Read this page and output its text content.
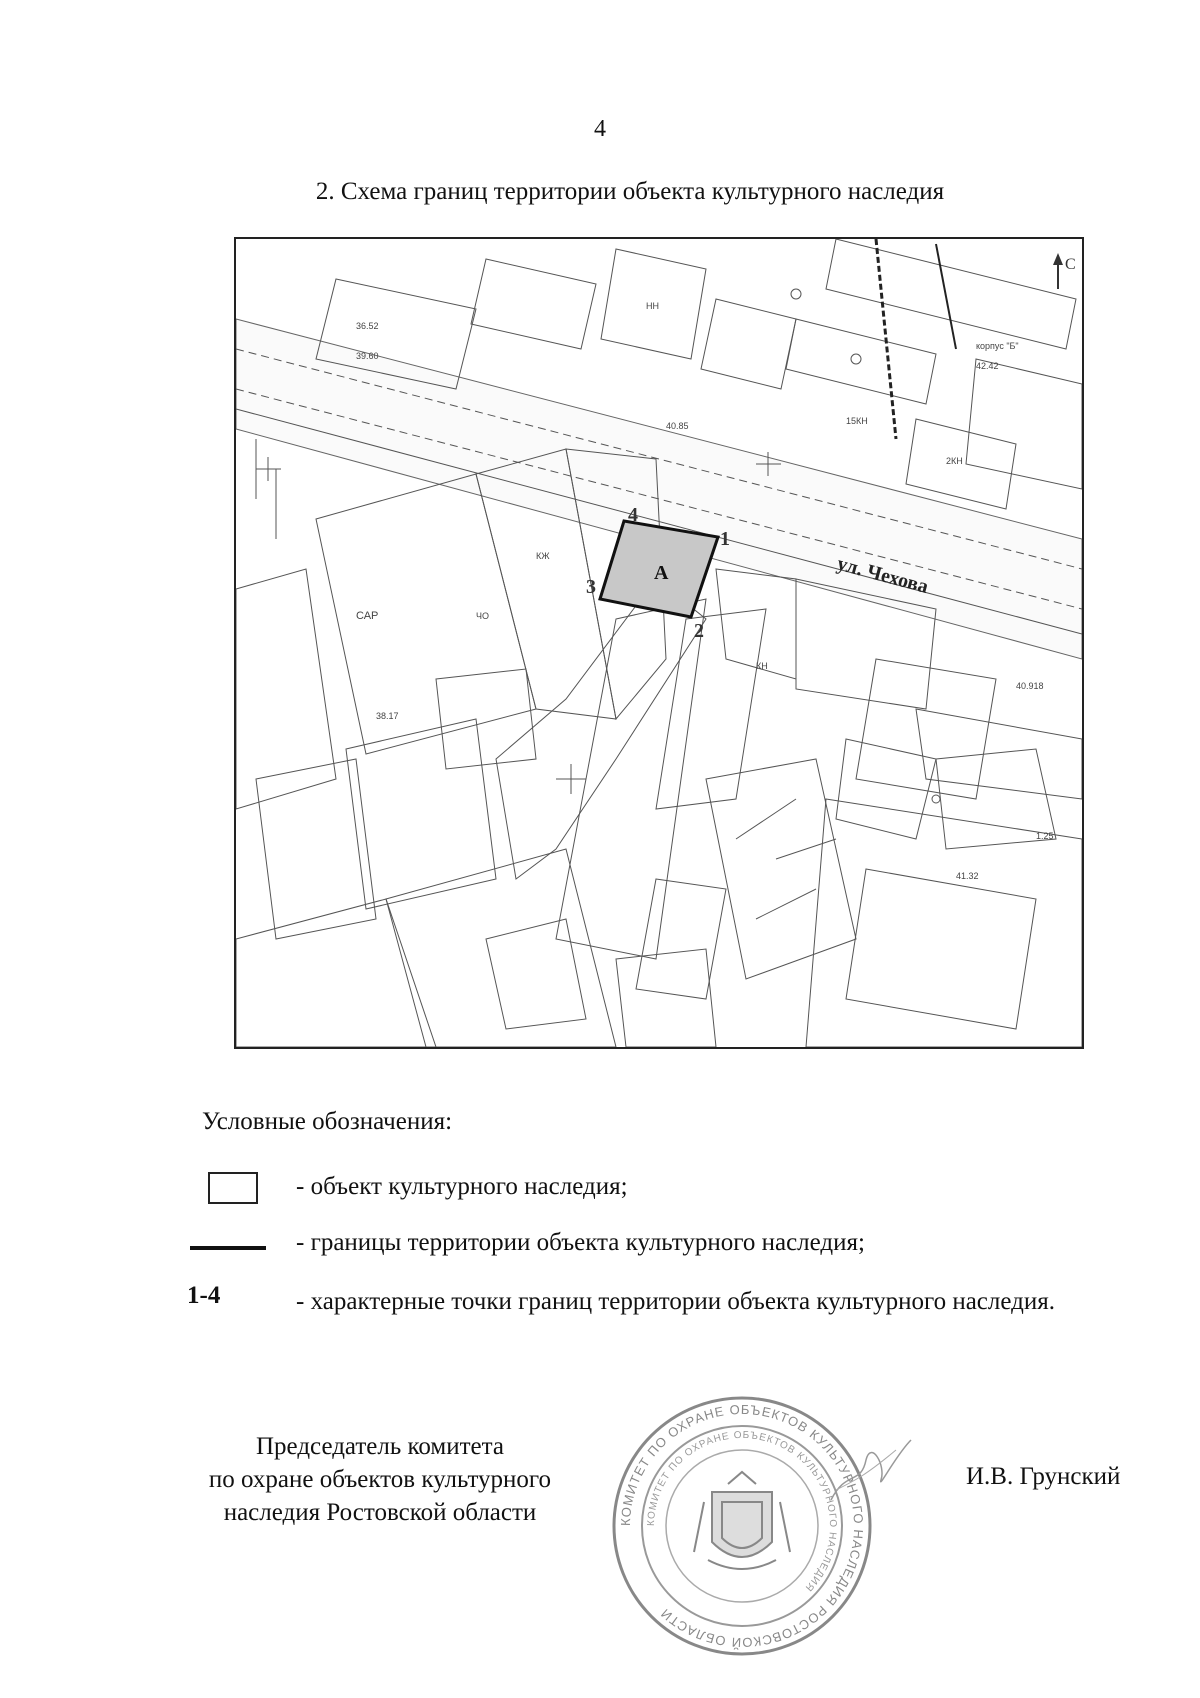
4
2. Схема границ территории объекта культурного наследия
С
А
1
2
3
4
ул. Чехова
НН
КН
КЖ
САР	ЧО
2КН
15КН
корпус "Б"
42.42
40.85
41.32
38.17
36.52
39.60
40.918
1.25
Условные обозначения:
- объект культурного наследия;
- границы территории объекта культурного наследия;
1-4	- характерные точки границ территории объекта культурного наследия.
Председатель комитета
по охране объектов культурного
наследия Ростовской области	КОМИТЕТ ПО ОХРАНЕ ОБЪЕКТОВ КУЛЬТУРНОГО НАСЛЕДИЯ РОСТОВСКОЙ ОБЛАСТИ
КОМИТЕТ ПО ОХРАНЕ ОБЪЕКТОВ КУЛЬТУРНОГО НАСЛЕДИЯ
И.В. Грунский
